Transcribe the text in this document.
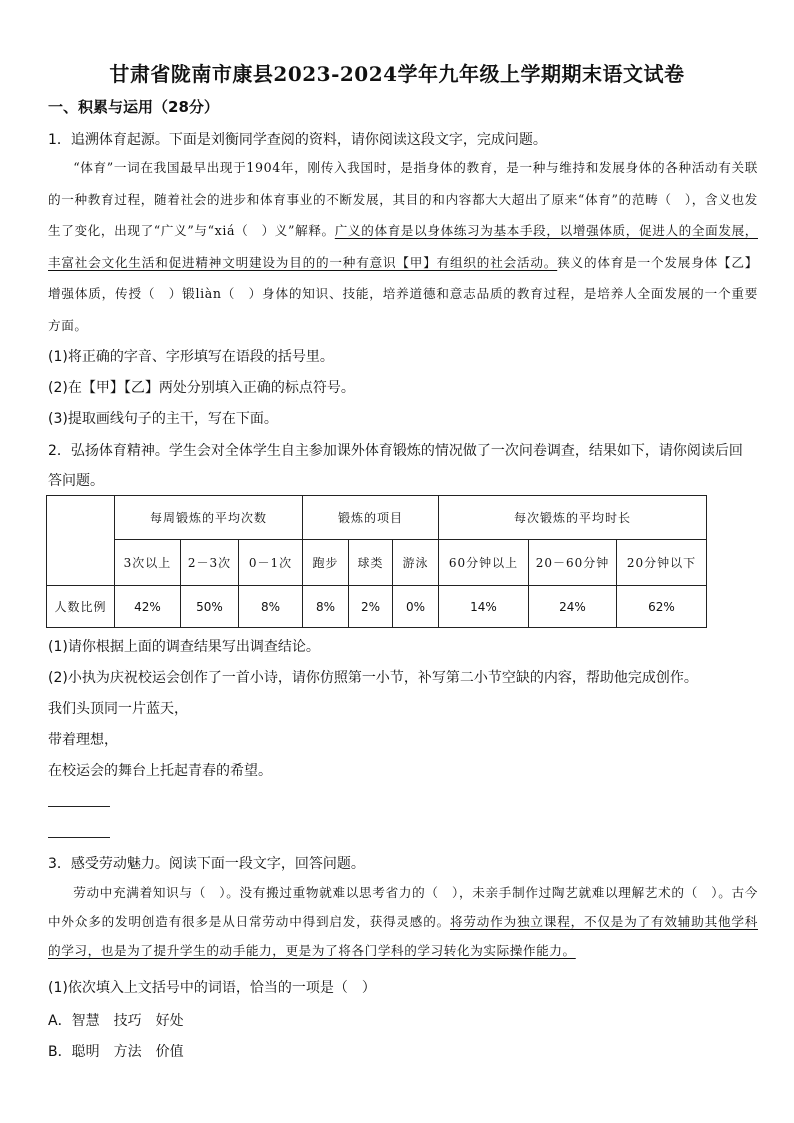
甘肃省陇南市康县2023-2024学年九年级上学期期末语文试卷
一、积累与运用（28分）
1．追溯体育起源。下面是刘衡同学查阅的资料，请你阅读这段文字，完成问题。
“体育”一词在我国最早出现于1904年，刚传入我国时，是指身体的教育，是一种与维持和发展身体的各种活动有关联的一种教育过程，随着社会的进步和体育事业的不断发展，其目的和内容都大大超出了原来“体育”的范畴（　），含义也发生了变化，出现了“广义”与“xiá（　）义”解释。广义的体育是以身体练习为基本手段，以增强体质，促进人的全面发展，丰富社会文化生活和促进精神文明建设为目的的一种有意识【甲】有组织的社会活动。狭义的体育是一个发展身体【乙】增强体质，传授（　）锻liàn（　）身体的知识、技能，培养道德和意志品质的教育过程，是培养人全面发展的一个重要方面。
(1)将正确的字音、字形填写在语段的括号里。
(2)在【甲】【乙】两处分别填入正确的标点符号。
(3)提取画线句子的主干，写在下面。
2．弘扬体育精神。学生会对全体学生自主参加课外体育锻炼的情况做了一次问卷调查，结果如下，请你阅读后回
答问题。
	每周锻炼的平均次数			锻炼的项目			每次锻炼的平均时长		
	3次以上	2－3次	0－1次	跑步	球类	游泳	60分钟以上	20－60分钟	20分钟以下
人数比例	42%	50%	8%	8%	2%	0%	14%	24%	62%
(1)请你根据上面的调查结果写出调查结论。
(2)小执为庆祝校运会创作了一首小诗，请你仿照第一小节，补写第二小节空缺的内容，帮助他完成创作。
我们头顶同一片蓝天，
带着理想，
在校运会的舞台上托起青春的希望。
3．感受劳动魅力。阅读下面一段文字，回答问题。
劳动中充满着知识与（　）。没有搬过重物就难以思考省力的（　），未亲手制作过陶艺就难以理解艺术的（　）。古今中外众多的发明创造有很多是从日常劳动中得到启发，获得灵感的。将劳动作为独立课程，不仅是为了有效辅助其他学科的学习，也是为了提升学生的动手能力，更是为了将各门学科的学习转化为实际操作能力。
(1)依次填入上文括号中的词语，恰当的一项是（　）
A．智慧　技巧　好处
B．聪明　方法　价值
